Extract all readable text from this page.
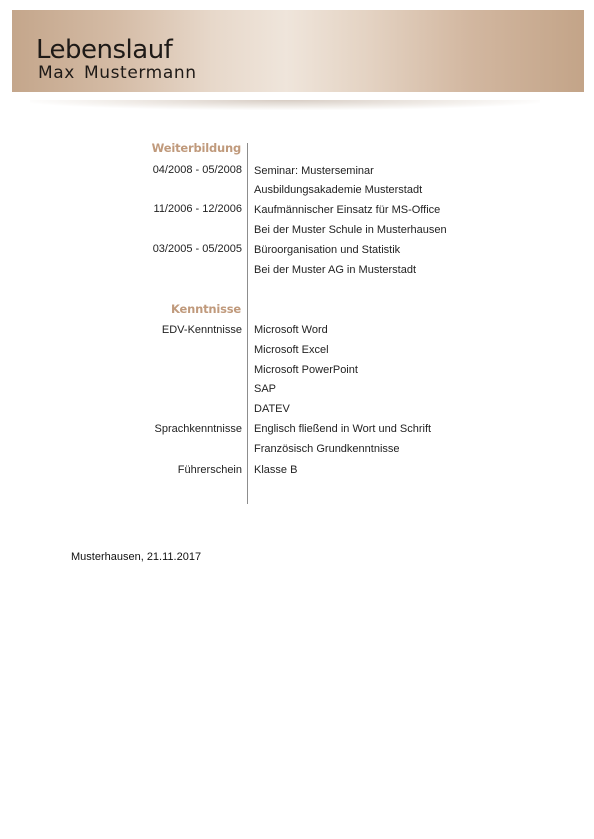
Lebenslauf
Max Mustermann
Weiterbildung
04/2008 - 05/2008 Seminar: Musterseminar
Ausbildungsakademie Musterstadt
11/2006 - 12/2006 Kaufmännischer Einsatz für MS-Office
Bei der Muster Schule in Musterhausen
03/2005 - 05/2005 Büroorganisation und Statistik
Bei der Muster AG in Musterstadt
Kenntnisse
EDV-Kenntnisse Microsoft Word
Microsoft Excel
Microsoft PowerPoint
SAP
DATEV
Sprachkenntnisse Englisch fließend in Wort und Schrift
Französisch Grundkenntnisse
Führerschein Klasse B
Musterhausen, 21.11.2017
